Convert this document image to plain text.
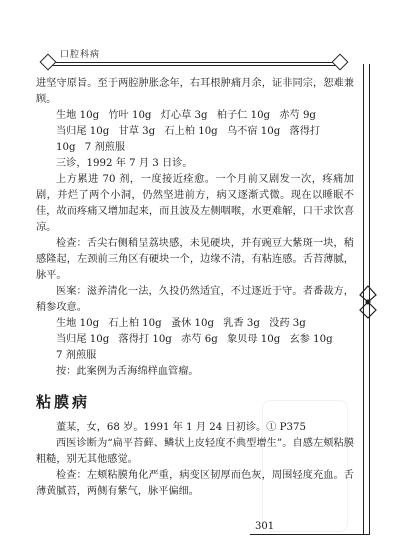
口腔科病

进坚守原旨。至于两腔肿胀念年，右耳根肿痛月余，证非同宗，恕难兼顾。

生地 10g 竹叶 10g 灯心草 3g 柏子仁 10g 赤芍 9g

当归尾 10g 甘草 3g 石上柏 10g 乌不宿 10g 落得打

10g 7 剂煎服

三诊，1992 年 7 月 3 日诊。

上方累进 70 剂，一度接近痊愈。一个月前又剧发一次，疼痛加剧，并烂了两个小洞，仍然坚进前方，病又逐渐式微。现在以睡眠不佳，故而疼痛又增加起来，而且波及左侧咽喉，水更难解，口干求饮喜凉。

检查：舌尖右侧稍呈荔块感，未见硬块，并有豌豆大紫斑一块，稍感隆起，左颈前三角区有硬块一个，边缘不清，有粘连感。舌苔薄腻，脉平。

医案：滋养清化一法，久投仍然适宜，不过逐近于守。者番裁方，稍参攻意。

生地 10g 石上柏 10g 蚤休 10g 乳香 3g 没药 3g

当归尾 10g 落得打 10g 赤芍 6g 象贝母 10g 玄参 10g

7 剂煎服

按：此案例为舌海绵样血管瘤。

粘膜病

董某，女，68 岁。1991 年 1 月 24 日初诊。① P375

西医诊断为“扁平苔藓、鳞状上皮轻度不典型增生”。自感左颊粘膜粗糙，别无其他感觉。

检查：左颊粘膜角化严重，病变区韧厚而色灰，周围轻度充血。舌薄黄腻苔，两侧有紫气，脉平偏细。

301
